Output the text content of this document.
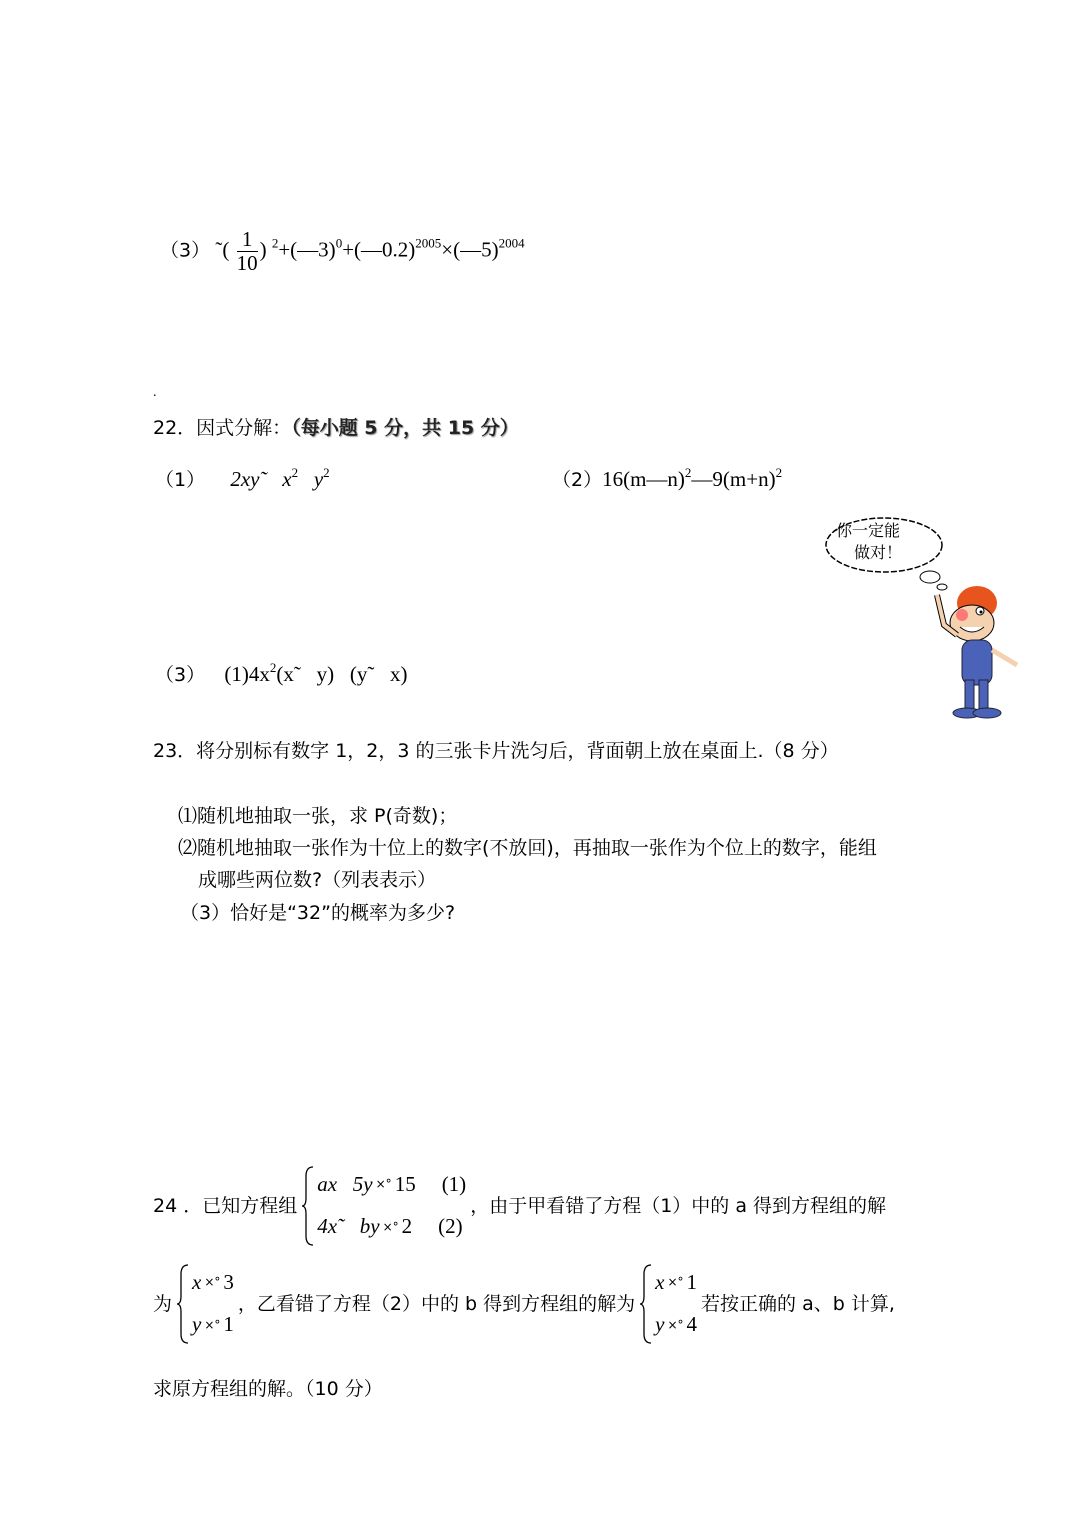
（3） ˜( $\frac{1}{10}$ ) $^2$+(—3)$^0$+(—0.2)$^{2005}$×(—5)$^{2004}$
.
22．因式分解：（每小题 5 分，共 15 分）
（1） 2xy˜   $x^2$   $y^2$	$(2)16(m—n)^2—9(m+n)^2$
（3） $(1)4x^2(x˜$   y)   (y˜   x)
你一定能
做对！
23．将分别标有数字 1，2，3 的三张卡片洗匀后，背面朝上放在桌面上.（8 分）
⑴随机地抽取一张，求 P(奇数)；
⑵随机地抽取一张作为十位上的数字(不放回)，再抽取一张作为个位上的数字，能组
成哪些两位数?（列表表示）
（3）恰好是“32”的概率为多少?
24 ．已知方程组
ax   5y ×° 15 (1)
4x˜   by ×° 2 (2)
，由于甲看错了方程（1）中的 a 得到方程组的解
为
x ×° 3
y ×° 1
，乙看错了方程（2）中的 b 得到方程组的解为
x ×° 1
y ×° 4
若按正确的 a、b 计算,
求原方程组的解。（10 分）
